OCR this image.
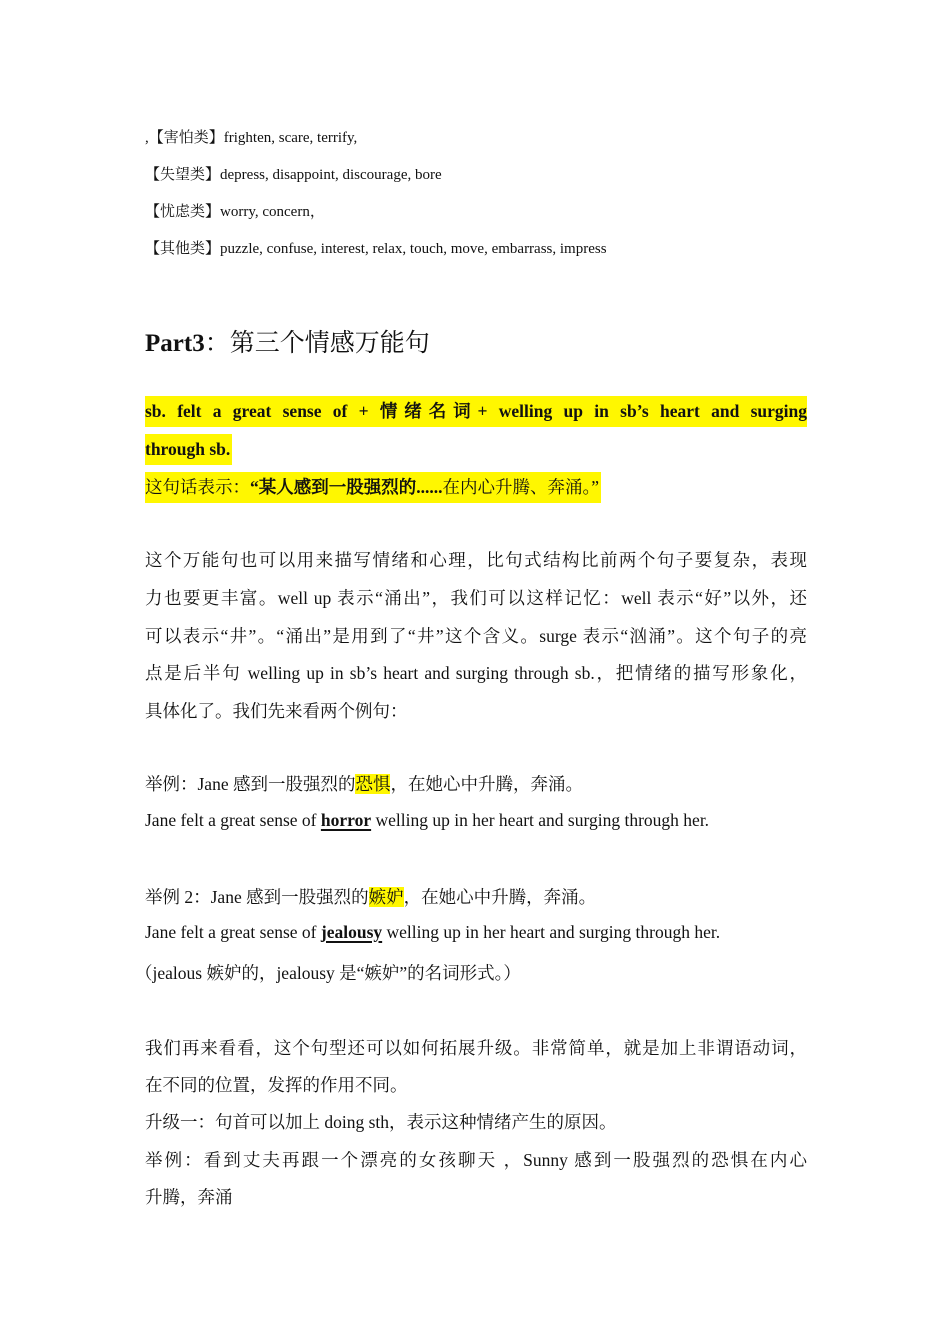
,【害怕类】frighten, scare, terrify,
【失望类】depress, disappoint, discourage, bore
【忧虑类】worry, concern，
【其他类】puzzle, confuse, interest, relax, touch, move, embarrass, impress
Part3：第三个情感万能句
sb. felt a great sense of + 情绪名词+ welling up in sb’s heart and surging
through sb.
这句话表示：“某人感到一股强烈的......在内心升腾、奔涌。”
这个万能句也可以用来描写情绪和心理，比句式结构比前两个句子要复杂，表现
力也要更丰富。well up 表示“涌出”，我们可以这样记忆：well 表示“好”以外，还
可以表示“井”。“涌出”是用到了“井”这个含义。surge 表示“汹涌”。这个句子的亮
点是后半句 welling up in sb’s heart and surging through sb.，把情绪的描写形象化，
具体化了。我们先来看两个例句：
举例：Jane 感到一股强烈的恐惧，在她心中升腾，奔涌。
Jane felt a great sense of horror welling up in her heart and surging through her.
举例 2：Jane 感到一股强烈的嫉妒，在她心中升腾，奔涌。
Jane felt a great sense of jealousy welling up in her heart and surging through her.
（jealous 嫉妒的，jealousy 是“嫉妒”的名词形式。）
我们再来看看，这个句型还可以如何拓展升级。非常简单，就是加上非谓语动词，
在不同的位置，发挥的作用不同。
升级一：句首可以加上 doing sth，表示这种情绪产生的原因。
举例：看到丈夫再跟一个漂亮的女孩聊天 ，Sunny 感到一股强烈的恐惧在内心
升腾，奔涌
